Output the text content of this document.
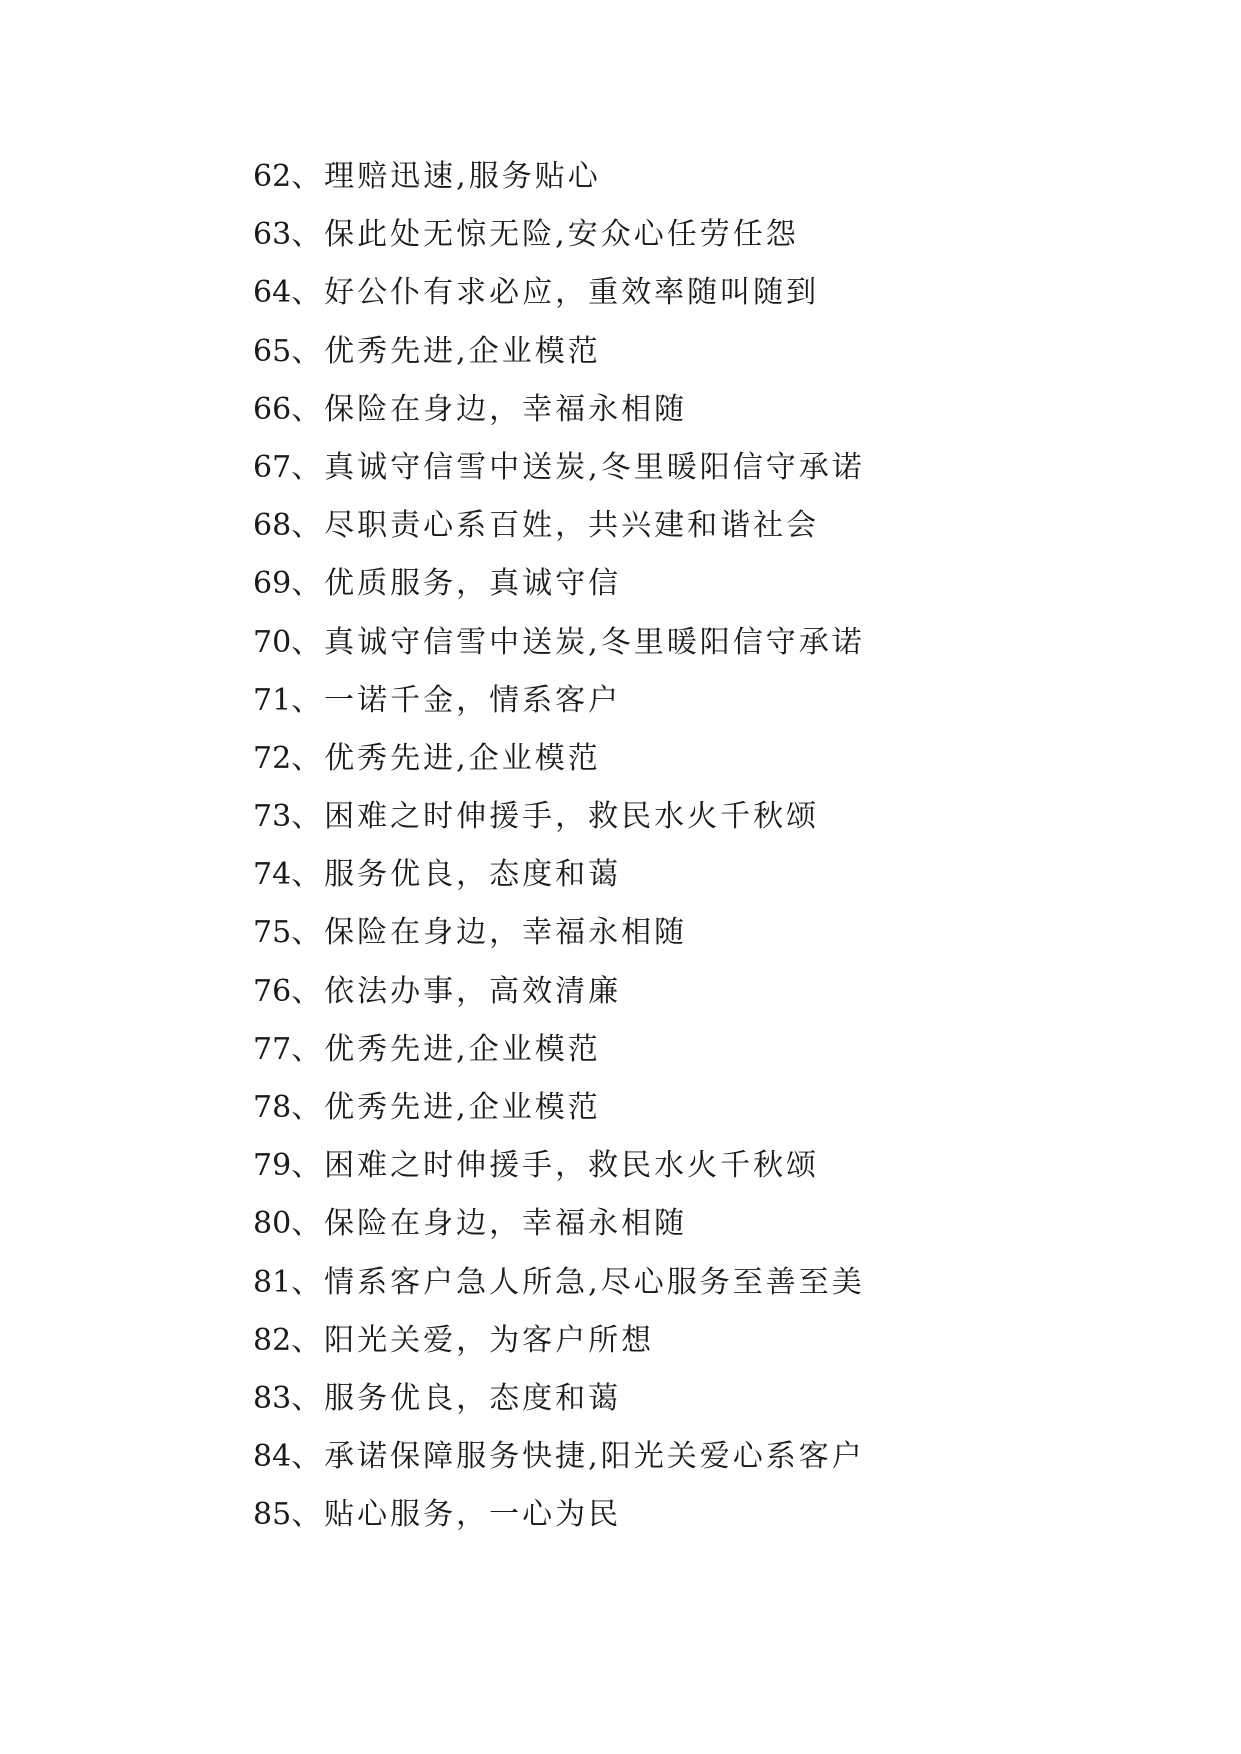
62、理赔迅速,服务贴心
63、保此处无惊无险,安众心任劳任怨
64、好公仆有求必应，重效率随叫随到
65、优秀先进,企业模范
66、保险在身边，幸福永相随
67、真诚守信雪中送炭,冬里暖阳信守承诺
68、尽职责心系百姓，共兴建和谐社会
69、优质服务，真诚守信
70、真诚守信雪中送炭,冬里暖阳信守承诺
71、一诺千金，情系客户
72、优秀先进,企业模范
73、困难之时伸援手，救民水火千秋颂
74、服务优良，态度和蔼
75、保险在身边，幸福永相随
76、依法办事，高效清廉
77、优秀先进,企业模范
78、优秀先进,企业模范
79、困难之时伸援手，救民水火千秋颂
80、保险在身边，幸福永相随
81、情系客户急人所急,尽心服务至善至美
82、阳光关爱，为客户所想
83、服务优良，态度和蔼
84、承诺保障服务快捷,阳光关爱心系客户
85、贴心服务，一心为民
